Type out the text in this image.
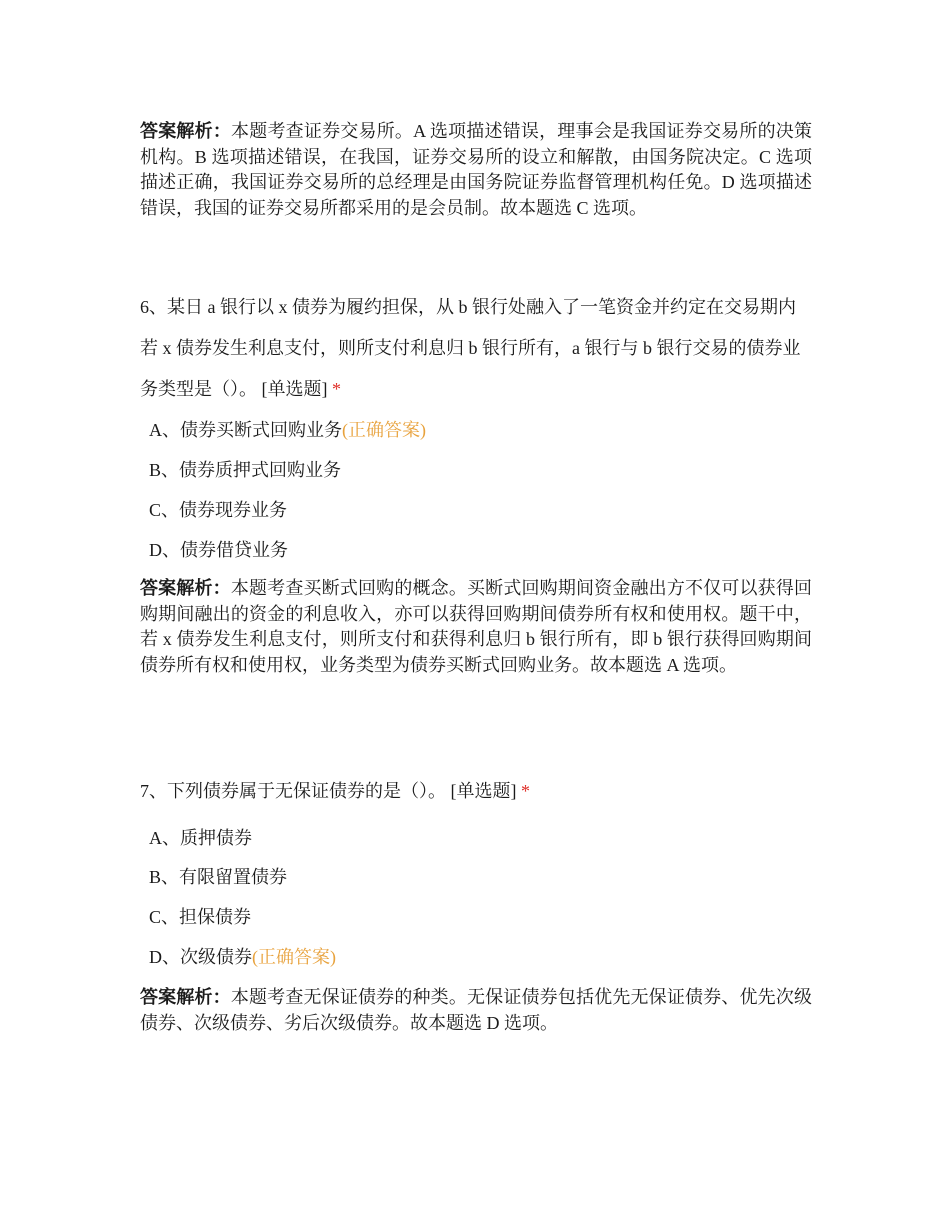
答案解析：本题考查证券交易所。A 选项描述错误，理事会是我国证券交易所的决策机构。B 选项描述错误，在我国，证券交易所的设立和解散，由国务院决定。C 选项描述正确，我国证券交易所的总经理是由国务院证券监督管理机构任免。D 选项描述错误，我国的证券交易所都采用的是会员制。故本题选 C 选项。
6、某日 a 银行以 x 债券为履约担保，从 b 银行处融入了一笔资金并约定在交易期内若 x 债券发生利息支付，则所支付利息归 b 银行所有，a 银行与 b 银行交易的债券业务类型是（）。 [单选题] *
A、债券买断式回购业务(正确答案)
B、债券质押式回购业务
C、债券现券业务
D、债券借贷业务
答案解析：本题考查买断式回购的概念。买断式回购期间资金融出方不仅可以获得回购期间融出的资金的利息收入，亦可以获得回购期间债券所有权和使用权。题干中，若 x 债券发生利息支付，则所支付和获得利息归 b 银行所有，即 b 银行获得回购期间债券所有权和使用权，业务类型为债券买断式回购业务。故本题选 A 选项。
7、下列债券属于无保证债券的是（）。 [单选题] *
A、质押债券
B、有限留置债券
C、担保债券
D、次级债券(正确答案)
答案解析：本题考查无保证债券的种类。无保证债券包括优先无保证债券、优先次级债券、次级债券、劣后次级债券。故本题选 D 选项。
